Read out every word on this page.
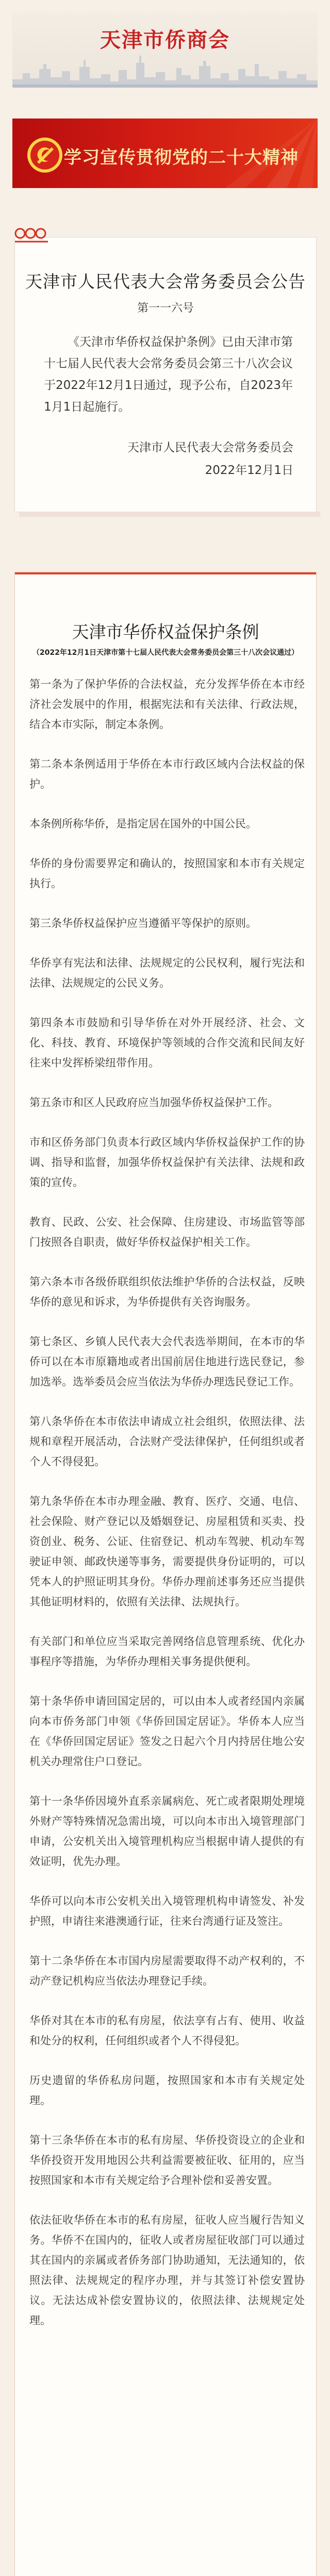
天津市侨商会
学习宣传贯彻党的二十大精神
天津市人民代表大会常务委员会公告
第一一六号
《天津市华侨权益保护条例》已由天津市第十七届人民代表大会常务委员会第三十八次会议于2022年12月1日通过，现予公布，自2023年1月1日起施行。
天津市人民代表大会常务委员会
2022年12月1日
天津市华侨权益保护条例
（2022年12月1日天津市第十七届人民代表大会常务委员会第三十八次会议通过）

第一条为了保护华侨的合法权益，充分发挥华侨在本市经济社会发展中的作用，根据宪法和有关法律、行政法规，结合本市实际，制定本条例。

第二条本条例适用于华侨在本市行政区域内合法权益的保护。

本条例所称华侨，是指定居在国外的中国公民。

华侨的身份需要界定和确认的，按照国家和本市有关规定执行。

第三条华侨权益保护应当遵循平等保护的原则。

华侨享有宪法和法律、法规规定的公民权利，履行宪法和法律、法规规定的公民义务。

第四条本市鼓励和引导华侨在对外开展经济、社会、文化、科技、教育、环境保护等领域的合作交流和民间友好往来中发挥桥梁纽带作用。

第五条市和区人民政府应当加强华侨权益保护工作。

市和区侨务部门负责本行政区域内华侨权益保护工作的协调、指导和监督，加强华侨权益保护有关法律、法规和政策的宣传。

教育、民政、公安、社会保障、住房建设、市场监管等部门按照各自职责，做好华侨权益保护相关工作。

第六条本市各级侨联组织依法维护华侨的合法权益，反映华侨的意见和诉求，为华侨提供有关咨询服务。

第七条区、乡镇人民代表大会代表选举期间，在本市的华侨可以在本市原籍地或者出国前居住地进行选民登记，参加选举。选举委员会应当依法为华侨办理选民登记工作。

第八条华侨在本市依法申请成立社会组织，依照法律、法规和章程开展活动，合法财产受法律保护，任何组织或者个人不得侵犯。

第九条华侨在本市办理金融、教育、医疗、交通、电信、社会保险、财产登记以及婚姻登记、房屋租赁和买卖、投资创业、税务、公证、住宿登记、机动车驾驶、机动车驾驶证申领、邮政快递等事务，需要提供身份证明的，可以凭本人的护照证明其身份。华侨办理前述事务还应当提供其他证明材料的，依照有关法律、法规执行。

有关部门和单位应当采取完善网络信息管理系统、优化办事程序等措施，为华侨办理相关事务提供便利。

第十条华侨申请回国定居的，可以由本人或者经国内亲属向本市侨务部门申领《华侨回国定居证》。华侨本人应当在《华侨回国定居证》签发之日起六个月内持居住地公安机关办理常住户口登记。

第十一条华侨因境外直系亲属病危、死亡或者限期处理境外财产等特殊情况急需出境，可以向本市出入境管理部门申请，公安机关出入境管理机构应当根据申请人提供的有效证明，优先办理。

华侨可以向本市公安机关出入境管理机构申请签发、补发护照，申请往来港澳通行证，往来台湾通行证及签注。

第十二条华侨在本市国内房屋需要取得不动产权利的，不动产登记机构应当依法办理登记手续。

华侨对其在本市的私有房屋，依法享有占有、使用、收益和处分的权利，任何组织或者个人不得侵犯。

历史遗留的华侨私房问题，按照国家和本市有关规定处理。

第十三条华侨在本市的私有房屋、华侨投资设立的企业和华侨投资开发用地因公共利益需要被征收、征用的，应当按照国家和本市有关规定给予合理补偿和妥善安置。

依法征收华侨在本市的私有房屋，征收人应当履行告知义务。华侨不在国内的，征收人或者房屋征收部门可以通过其在国内的亲属或者侨务部门协助通知，无法通知的，依照法律、法规规定的程序办理，并与其签订补偿安置协议。无法达成补偿安置协议的，依照法律、法规规定处理。
